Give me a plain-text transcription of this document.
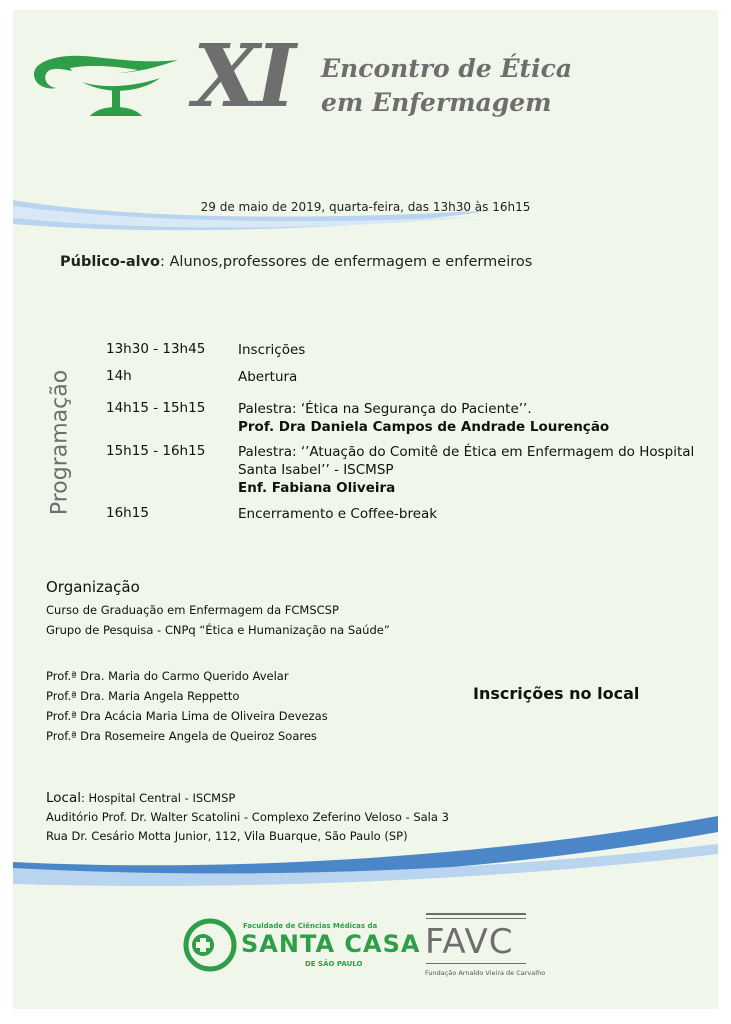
XI Encontro de Ética
em Enfermagem
29 de maio de 2019, quarta-feira, das 13h30 às 16h15
Público-alvo: Alunos,professores de enfermagem e enfermeiros
Programação
13h30 - 13h45 Inscrições
14h	Abertura
14h15 - 15h15 Palestra: ‘Ética na Segurança do Paciente’’.
Prof. Dra Daniela Campos de Andrade Lourenção
15h15 - 16h15 Palestra: ‘’Atuação do Comitê de Ética em Enfermagem do Hospital Santa Isabel’’ - ISCMSP
Enf. Fabiana Oliveira
16h15	Encerramento e Coffee-break
Organização
Curso de Graduação em Enfermagem da FCMSCSP
Grupo de Pesquisa - CNPq “Ética e Humanização na Saúde”
Prof.ª Dra. Maria do Carmo Querido Avelar
Prof.ª Dra. Maria Angela Reppetto
Prof.ª Dra Acácia Maria Lima de Oliveira Devezas
Prof.ª Dra Rosemeire Angela de Queiroz Soares
Inscrições no local
Local: Hospital Central - ISCMSP
Auditório Prof. Dr. Walter Scatolini - Complexo Zeferino Veloso - Sala 3
Rua Dr. Cesário Motta Junior, 112, Vila Buarque, São Paulo (SP)
Faculdade de Ciências Médicas da
SANTA CASA
DE SÃO PAULO
FAVC
Fundação Arnaldo Vieira de Carvalho
